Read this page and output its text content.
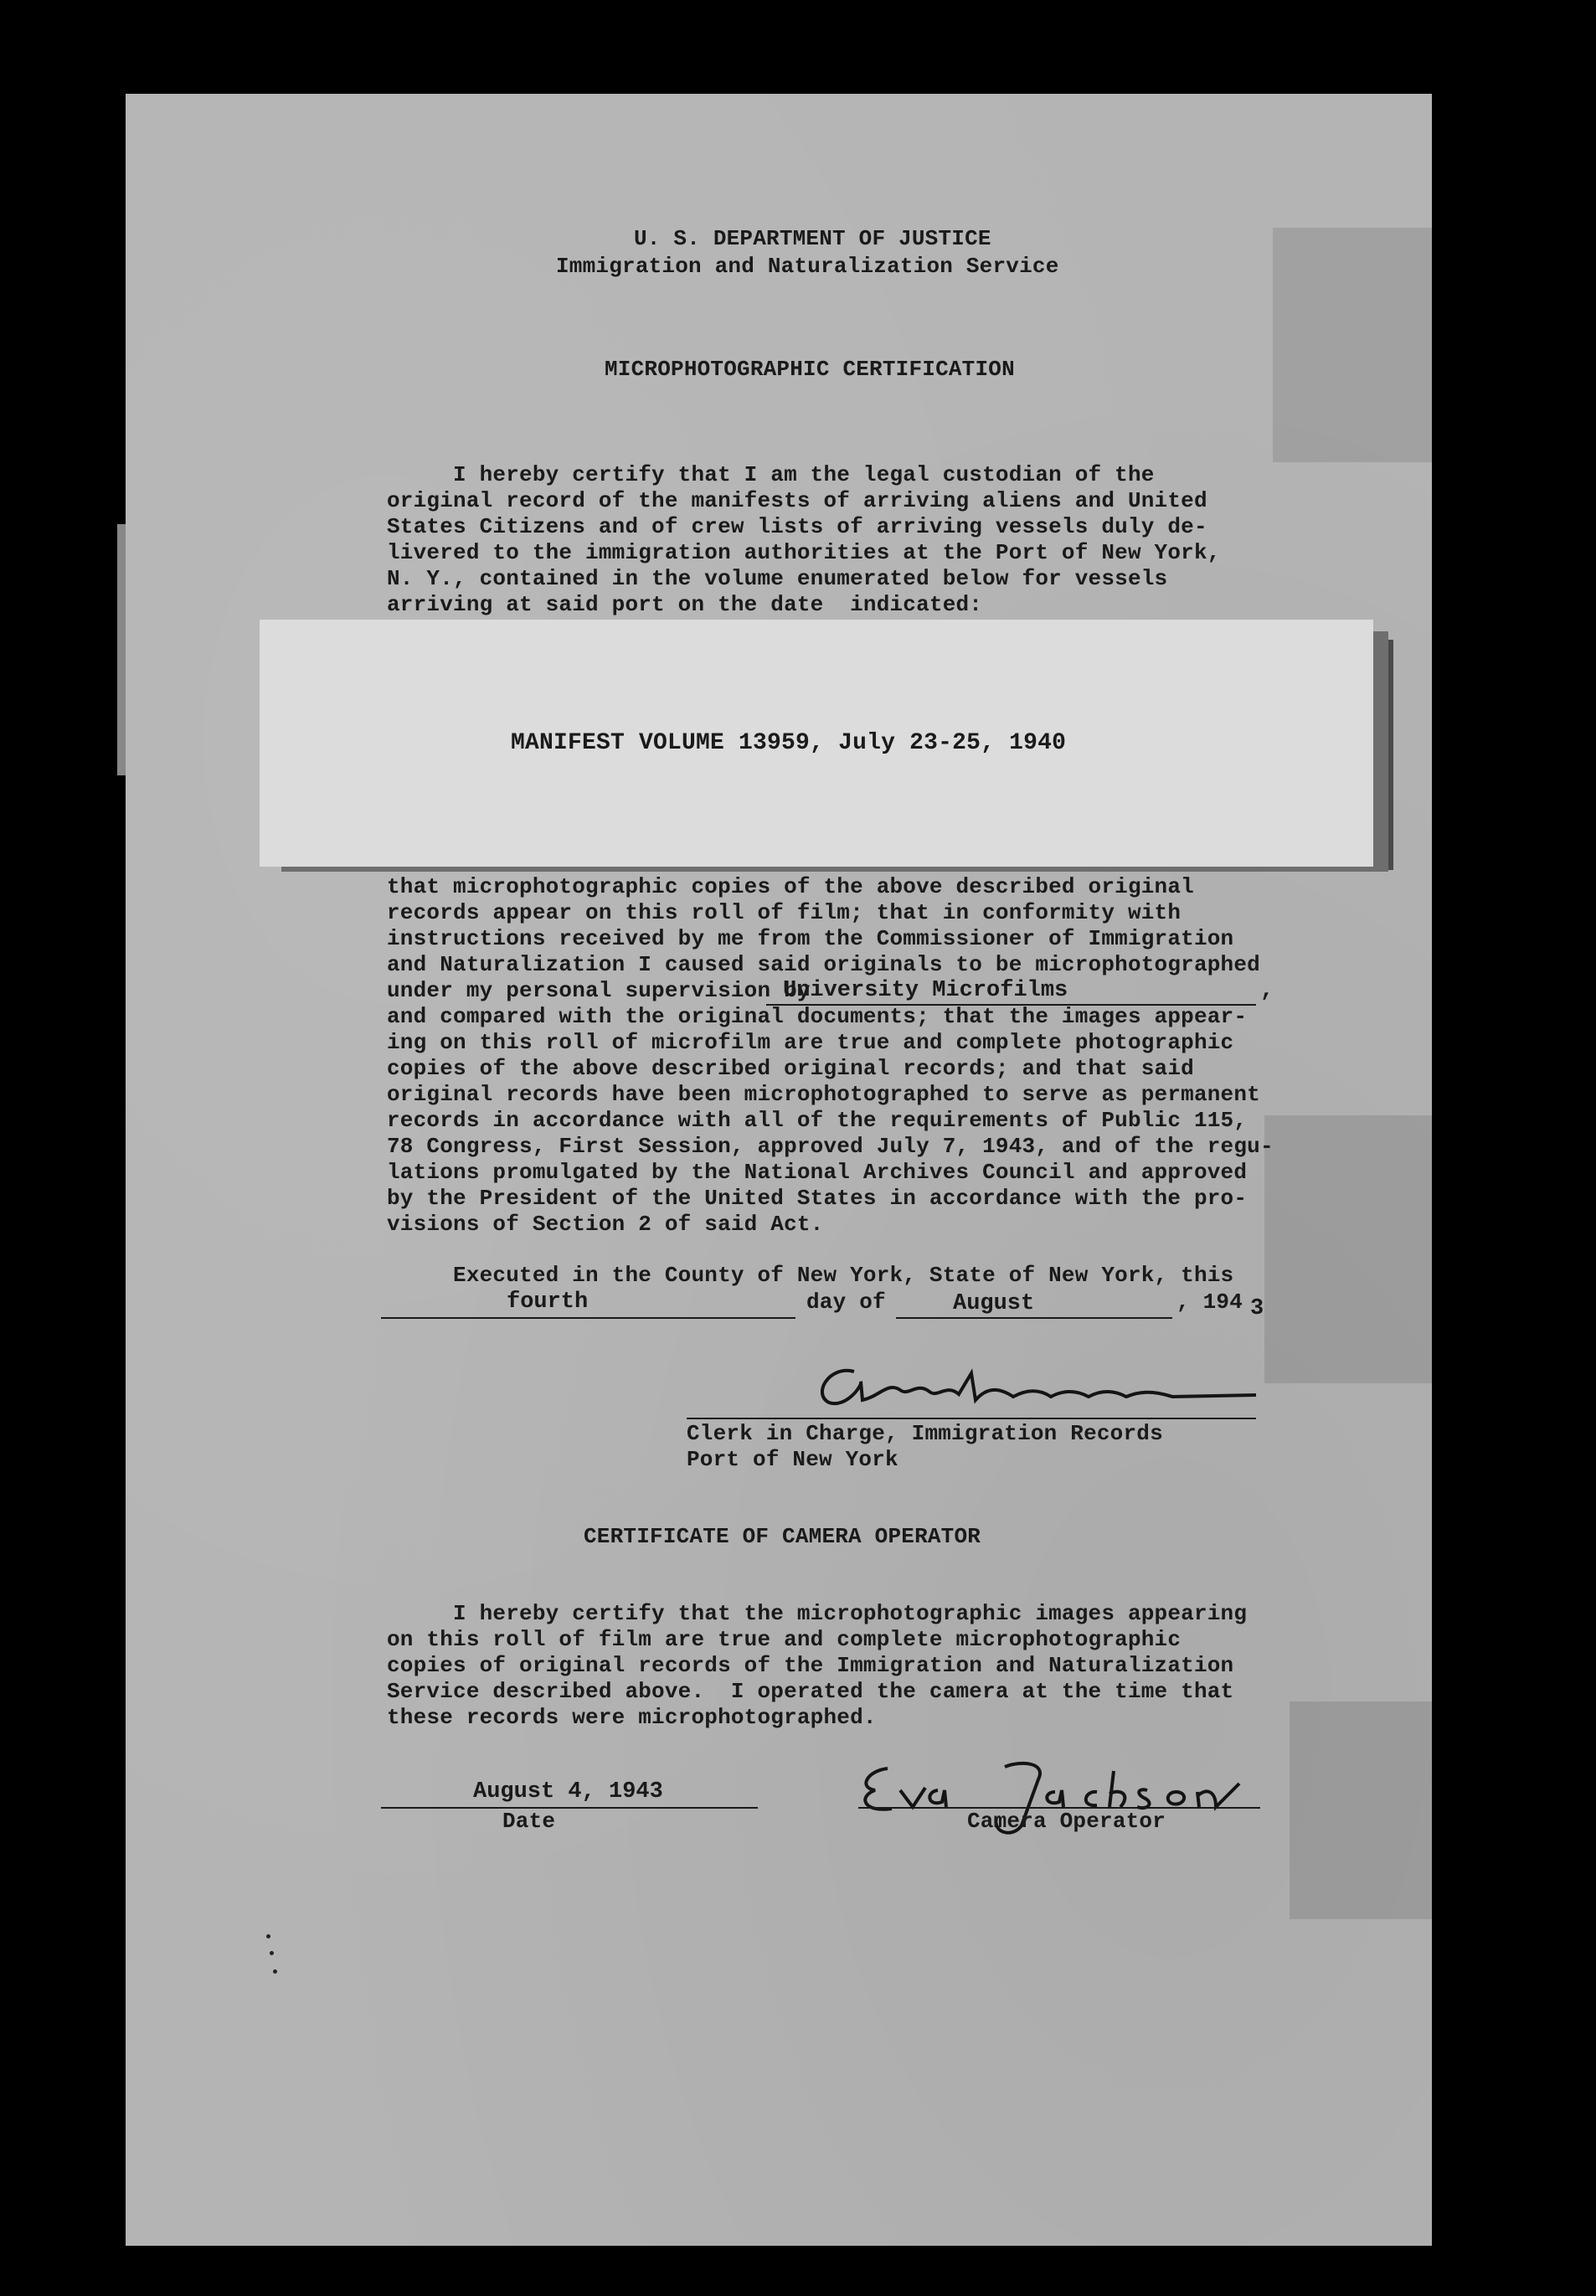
U. S. DEPARTMENT OF JUSTICE

Immigration and Naturalization Service

MICROPHOTOGRAPHIC CERTIFICATION

I hereby certify that I am the legal custodian of the

original record of the manifests of arriving aliens and United

States Citizens and of crew lists of arriving vessels duly de-

livered to the immigration authorities at the Port of New York,

N. Y., contained in the volume enumerated below for vessels

arriving at said port on the date  indicated:

MANIFEST VOLUME 13959, July 23-25, 1940

that microphotographic copies of the above described original

records appear on this roll of film; that in conformity with

instructions received by me from the Commissioner of Immigration

and Naturalization I caused said originals to be microphotographed

under my personal supervision by

University Microfilms	,

and compared with the original documents; that the images appear-

ing on this roll of microfilm are true and complete photographic

copies of the above described original records; and that said

original records have been microphotographed to serve as permanent

records in accordance with all of the requirements of Public 115,

78 Congress, First Session, approved July 7, 1943, and of the regu-

lations promulgated by the National Archives Council and approved

by the President of the United States in accordance with the pro-

visions of Section 2 of said Act.

Executed in the County of New York, State of New York, this

fourth	day of	August	, 194 3

Clerk in Charge, Immigration Records

Port of New York

CERTIFICATE OF CAMERA OPERATOR

I hereby certify that the microphotographic images appearing

on this roll of film are true and complete microphotographic

copies of original records of the Immigration and Naturalization

Service described above.  I operated the camera at the time that

these records were microphotographed.

August 4, 1943
Date	Camera Operator
